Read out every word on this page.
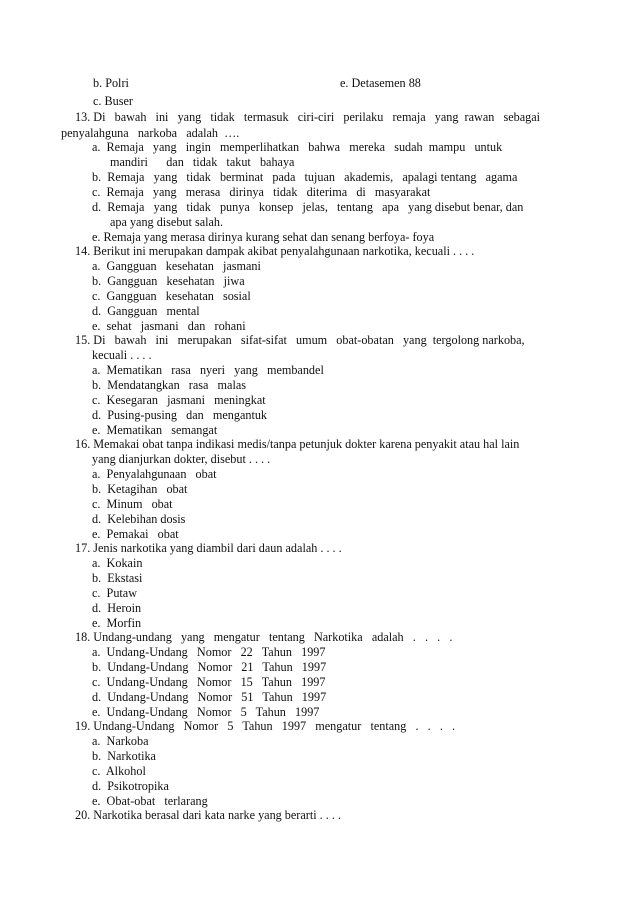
b. Polri	e. Detasemen 88
c. Buser
13. Di   bawah   ini   yang   tidak   termasuk   ciri-ciri   perilaku   remaja   yang  rawan   sebagai
penyalahguna   narkoba   adalah  ….
a.  Remaja   yang   ingin   memperlihatkan   bahwa   mereka   sudah  mampu   untuk
mandiri      dan   tidak   takut   bahaya
b.  Remaja   yang   tidak   berminat   pada   tujuan   akademis,   apalagi tentang   agama
c.  Remaja   yang   merasa   dirinya   tidak   diterima   di   masyarakat
d.  Remaja   yang   tidak   punya   konsep   jelas,   tentang   apa   yang disebut benar, dan
apa yang disebut salah.
e. Remaja yang merasa dirinya kurang sehat dan senang berfoya- foya
14. Berikut ini merupakan dampak akibat penyalahgunaan narkotika, kecuali . . . .
a.  Gangguan   kesehatan   jasmani
b.  Gangguan   kesehatan   jiwa
c.  Gangguan   kesehatan   sosial
d.  Gangguan   mental
e.  sehat   jasmani   dan   rohani
15. Di   bawah   ini   merupakan   sifat-sifat   umum   obat-obatan   yang  tergolong narkoba,
kecuali . . . .
a.  Mematikan   rasa   nyeri   yang   membandel
b.  Mendatangkan   rasa   malas
c.  Kesegaran   jasmani   meningkat
d.  Pusing-pusing   dan   mengantuk
e.  Mematikan   semangat
16. Memakai obat tanpa indikasi medis/tanpa petunjuk dokter karena penyakit atau hal lain
yang dianjurkan dokter, disebut . . . .
a.  Penyalahgunaan   obat
b.  Ketagihan   obat
c.  Minum   obat
d.  Kelebihan dosis
e.  Pemakai   obat
17. Jenis narkotika yang diambil dari daun adalah . . . .
a.  Kokain
b.  Ekstasi
c.  Putaw
d.  Heroin
e.  Morfin
18. Undang-undang   yang   mengatur   tentang   Narkotika   adalah   .   .   .   .
a.  Undang-Undang   Nomor   22   Tahun   1997
b.  Undang-Undang   Nomor   21   Tahun   1997
c.  Undang-Undang   Nomor   15   Tahun   1997
d.  Undang-Undang   Nomor   51   Tahun   1997
e.  Undang-Undang   Nomor   5   Tahun   1997
19. Undang-Undang   Nomor   5   Tahun   1997   mengatur   tentang   .   .   .   .
a.  Narkoba
b.  Narkotika
c.  Alkohol
d.  Psikotropika
e.  Obat-obat   terlarang
20. Narkotika berasal dari kata narke yang berarti . . . .
